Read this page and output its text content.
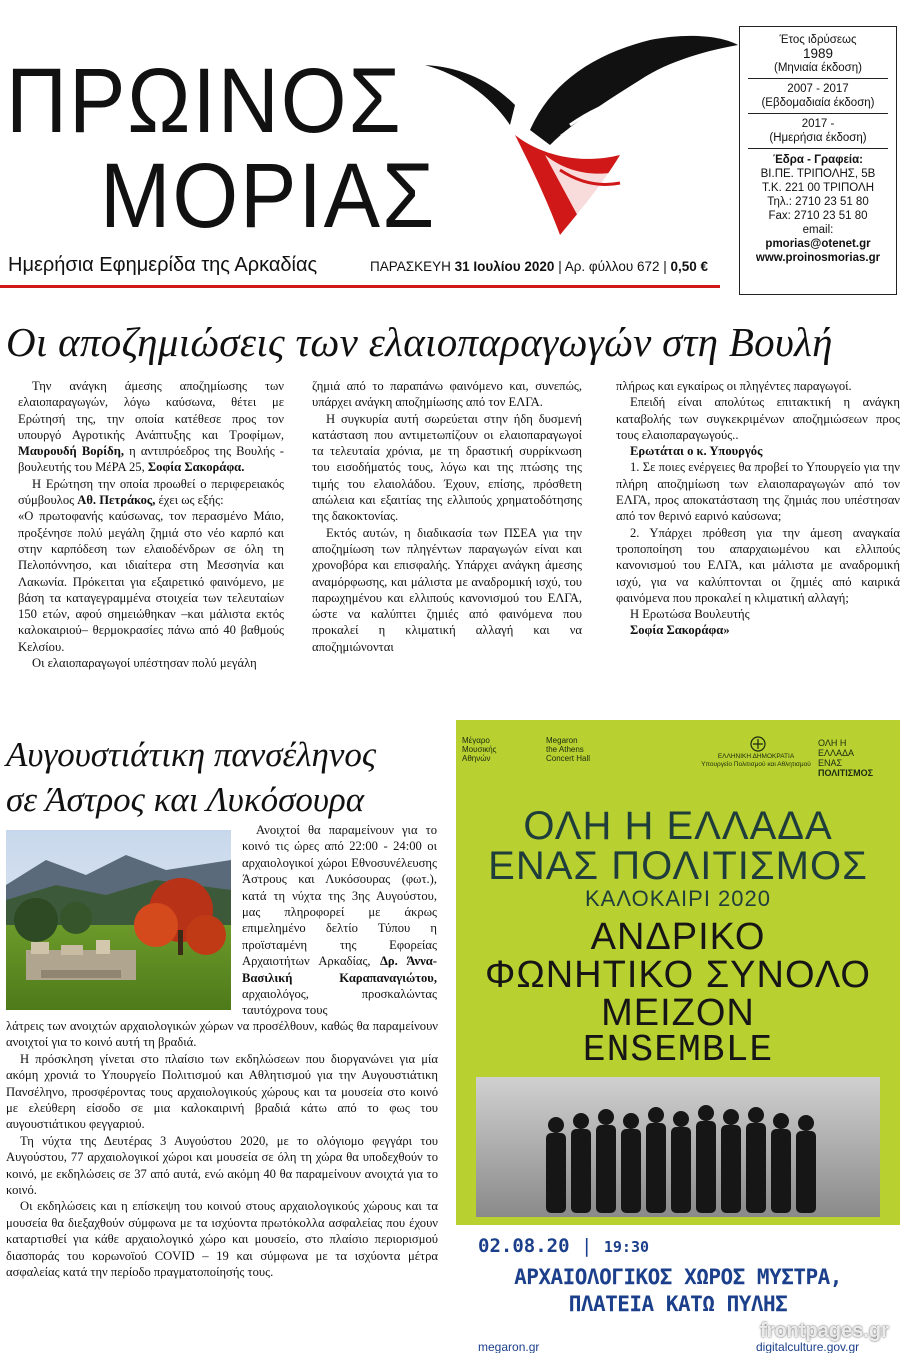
ΠΡΩΙΝΟΣ
ΜΟΡΙΑΣ
Ημερήσια Εφημερίδα της Αρκαδίας	ΠΑΡΑΣΚΕΥΗ 31 Ιουλίου 2020 | Αρ. φύλλου 672 | 0,50 €
Έτος ιδρύσεως
1989
(Μηνιαία έκδοση)
2007 - 2017
(Εβδομαδιαία έκδοση)
2017 -
(Ημερήσια έκδοση)
Έδρα - Γραφεία:
ΒΙ.ΠΕ. ΤΡΙΠΟΛΗΣ, 5Β
Τ.Κ. 221 00 ΤΡΙΠΟΛΗ
Τηλ.: 2710 23 51 80
Fax: 2710 23 51 80
email:
pmorias@otenet.gr
www.proinosmorias.gr
Οι αποζημιώσεις των ελαιοπαραγωγών στη Βουλή

Την ανάγκη άμεσης αποζημίωσης των ελαιοπαραγωγών, λόγω καύσωνα, θέτει με Ερώτησή της, την οποία κατέθεσε προς τον υπουργό Αγροτικής Ανάπτυξης και Τροφίμων, Μαυρουδή Βορίδη, η αντιπρόεδρος της Βουλής - βουλευτής του ΜέΡΑ 25, Σοφία Σακοράφα.

Η Ερώτηση την οποία προωθεί ο περιφερειακός σύμβουλος Αθ. Πετράκος, έχει ως εξής:

«Ο πρωτοφανής καύσωνας, τον περασμένο Μάιο, προξένησε πολύ μεγάλη ζημιά στο νέο καρπό και στην καρπόδεση των ελαιοδένδρων σε όλη τη Πελοπόννησο, και ιδιαίτερα στη Μεσσηνία και Λακωνία. Πρόκειται για εξαιρετικό φαινόμενο, με βάση τα καταγεγραμμένα στοιχεία των τελευταίων 150 ετών, αφού σημειώθηκαν –και μάλιστα εκτός καλοκαιριού– θερμοκρασίες πάνω από 40 βαθμούς Κελσίου.

Οι ελαιοπαραγωγοί υπέστησαν πολύ μεγάλη

ζημιά από το παραπάνω φαινόμενο και, συνεπώς, υπάρχει ανάγκη αποζημίωσης από τον ΕΛΓΑ.

Η συγκυρία αυτή σωρεύεται στην ήδη δυσμενή κατάσταση που αντιμετωπίζουν οι ελαιοπαραγωγοί τα τελευταία χρόνια, με τη δραστική συρρίκνωση του εισοδήματός τους, λόγω και της πτώσης της τιμής του ελαιολάδου. Έχουν, επίσης, πρόσθετη απώλεια και εξαιτίας της ελλιπούς χρηματοδότησης της δακοκτονίας.

Εκτός αυτών, η διαδικασία των ΠΣΕΑ για την αποζημίωση των πληγέντων παραγωγών είναι και χρονοβόρα και επισφαλής. Υπάρχει ανάγκη άμεσης αναμόρφωσης, και μάλιστα με αναδρομική ισχύ, του παρωχημένου και ελλιπούς κανονισμού του ΕΛΓΑ, ώστε να καλύπτει ζημιές από φαινόμενα που προκαλεί η κλιματική αλλαγή και να αποζημιώνονται

πλήρως και εγκαίρως οι πληγέντες παραγωγοί.

Επειδή είναι απολύτως επιτακτική η ανάγκη καταβολής των συγκεκριμένων αποζημιώσεων προς τους ελαιοπαραγωγούς..

Ερωτάται ο κ. Υπουργός

1. Σε ποιες ενέργειες θα προβεί το Υπουργείο για την πλήρη αποζημίωση των ελαιοπαραγωγών από τον ΕΛΓΑ, προς αποκατάσταση της ζημιάς που υπέστησαν από τον θερινό εαρινό καύσωνα;

2. Υπάρχει πρόθεση για την άμεση αναγκαία τροποποίηση του απαρχαιωμένου και ελλιπούς κανονισμού του ΕΛΓΑ, και μάλιστα με αναδρομική ισχύ, για να καλύπτονται οι ζημιές από καιρικά φαινόμενα που προκαλεί η κλιματική αλλαγή;

Η Ερωτώσα Βουλευτής

Σοφία Σακοράφα»

Αυγουστιάτικη πανσέληνος
σε Άστρος και Λυκόσουρα

Ανοιχτοί θα παραμείνουν για το κοινό τις ώρες από 22:00 - 24:00 οι αρχαιολογικοί χώροι Εθνοσυνέλευσης Άστρους και Λυκόσουρας (φωτ.), κατά τη νύχτα της 3ης Αυγούστου, μας πληροφορεί με άκρως επιμελημένο δελτίο Τύπου η προϊσταμένη της Εφορείας Αρχαιοτήτων Αρκαδίας, Δρ. Άννα-Βασιλική Καραπαναγιώτου, αρχαιολόγος, προσκαλώντας ταυτόχρονα τους

λάτρεις των ανοιχτών αρχαιολογικών χώρων να προσέλθουν, καθώς θα παραμείνουν ανοιχτοί για το κοινό αυτή τη βραδιά.

Η πρόσκληση γίνεται στο πλαίσιο των εκδηλώσεων που διοργανώνει για μία ακόμη χρονιά το Υπουργείο Πολιτισμού και Αθλητισμού για την Αυγουστιάτικη Πανσέληνο, προσφέροντας τους αρχαιολογικούς χώρους και τα μουσεία στο κοινό με ελεύθερη είσοδο σε μια καλοκαιρινή βραδιά κάτω από το φως του αυγουστιάτικου φεγγαριού.

Τη νύχτα της Δευτέρας 3 Αυγούστου 2020, με το ολόγιομο φεγγάρι του Αυγούστου, 77 αρχαιολογικοί χώροι και μουσεία σε όλη τη χώρα θα υποδεχθούν το κοινό, με εκδηλώσεις σε 37 από αυτά, ενώ ακόμη 40 θα παραμείνουν ανοιχτά για το κοινό.

Οι εκδηλώσεις και η επίσκεψη του κοινού στους αρχαιολογικούς χώρους και τα μουσεία θα διεξαχθούν σύμφωνα με τα ισχύοντα πρωτόκολλα ασφαλείας που έχουν καταρτισθεί για κάθε αρχαιολογικό χώρο και μουσείο, στο πλαίσιο περιορισμού διασποράς του κορωνοϊού COVID – 19 και σύμφωνα με τα ισχύοντα μέτρα ασφαλείας κατά την περίοδο πραγματοποίησής τους.

Μέγαρο
Μουσικής
Αθηνών
Megaron
the Athens
Concert Hall	ΕΛΛΗΝΙΚΗ ΔΗΜΟΚΡΑΤΙΑ
Υπουργείο Πολιτισμού και Αθλητισμού
ΟΛΗ Η
ΕΛΛΑΔΑ
ΕΝΑΣ
ΠΟΛΙΤΙΣΜΟΣ
ΟΛΗ Η ΕΛΛΑΔΑ
ΕΝΑΣ ΠΟΛΙΤΙΣΜΟΣ
ΚΑΛΟΚΑΙΡΙ 2020
ΑΝΔΡΙΚΟ
ΦΩΝΗΤΙΚΟ ΣΥΝΟΛΟ
ΜΕΙΖΟΝ
ENSEMBLE
02.08.20 | 19:30
ΑΡΧΑΙΟΛΟΓΙΚΟΣ ΧΩΡΟΣ ΜΥΣΤΡΑ,
ΠΛΑΤΕΙΑ ΚΑΤΩ ΠΥΛΗΣ
megaron.gr	digitalculture.gov.gr
frontpages.gr
